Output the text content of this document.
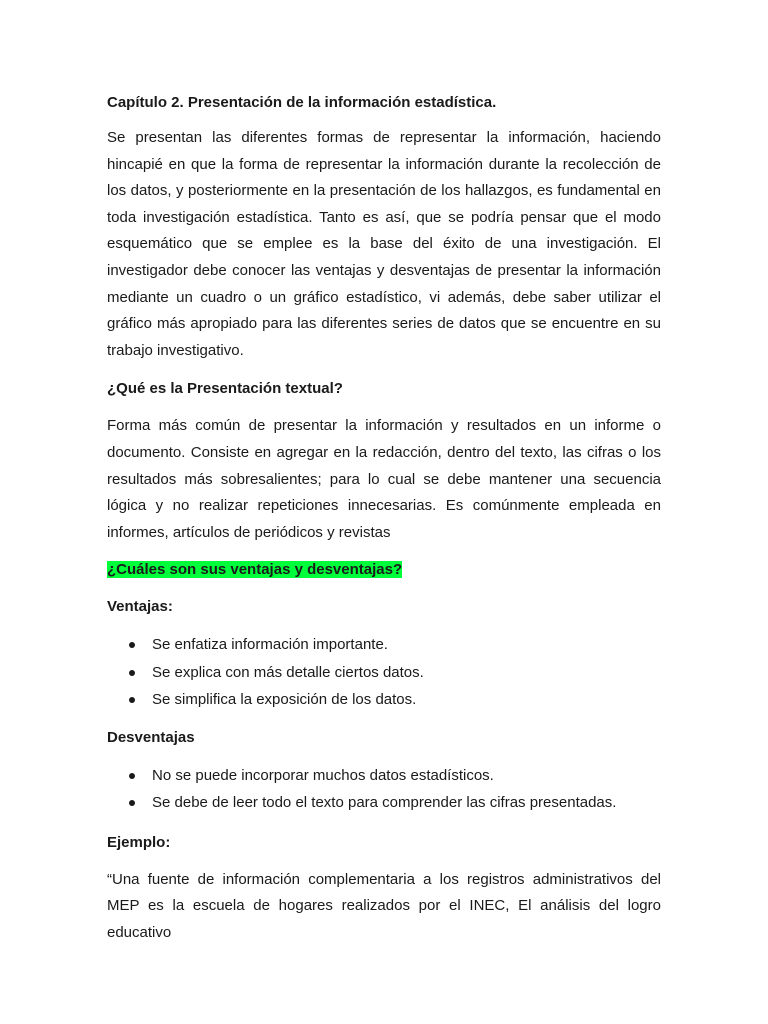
Capítulo 2. Presentación de la información estadística.

Se presentan las diferentes formas de representar la información, haciendo hincapié en que la forma de representar la información durante la recolección de los datos, y posteriormente en la presentación de los hallazgos, es fundamental en toda investigación estadística. Tanto es así, que se podría pensar que el modo esquemático que se emplee es la base del éxito de una investigación. El investigador debe conocer las ventajas y desventajas de presentar la información mediante un cuadro o un gráfico estadístico, vi además, debe saber utilizar el gráfico más apropiado para las diferentes series de datos que se encuentre en su trabajo investigativo.

¿Qué es la Presentación textual?

Forma más común de presentar la información y resultados en un informe o documento. Consiste en agregar en la redacción, dentro del texto, las cifras o los resultados más sobresalientes; para lo cual se debe mantener una secuencia lógica y no realizar repeticiones innecesarias. Es comúnmente empleada en informes, artículos de periódicos y revistas

¿Cuáles son sus ventajas y desventajas?

Ventajas:

Se enfatiza información importante.
Se explica con más detalle ciertos datos.
Se simplifica la exposición de los datos.

Desventajas

No se puede incorporar muchos datos estadísticos.
Se debe de leer todo el texto para comprender las cifras presentadas.

Ejemplo:

“Una fuente de información complementaria a los registros administrativos del MEP es la escuela de hogares realizados por el INEC, El análisis del logro educativo
